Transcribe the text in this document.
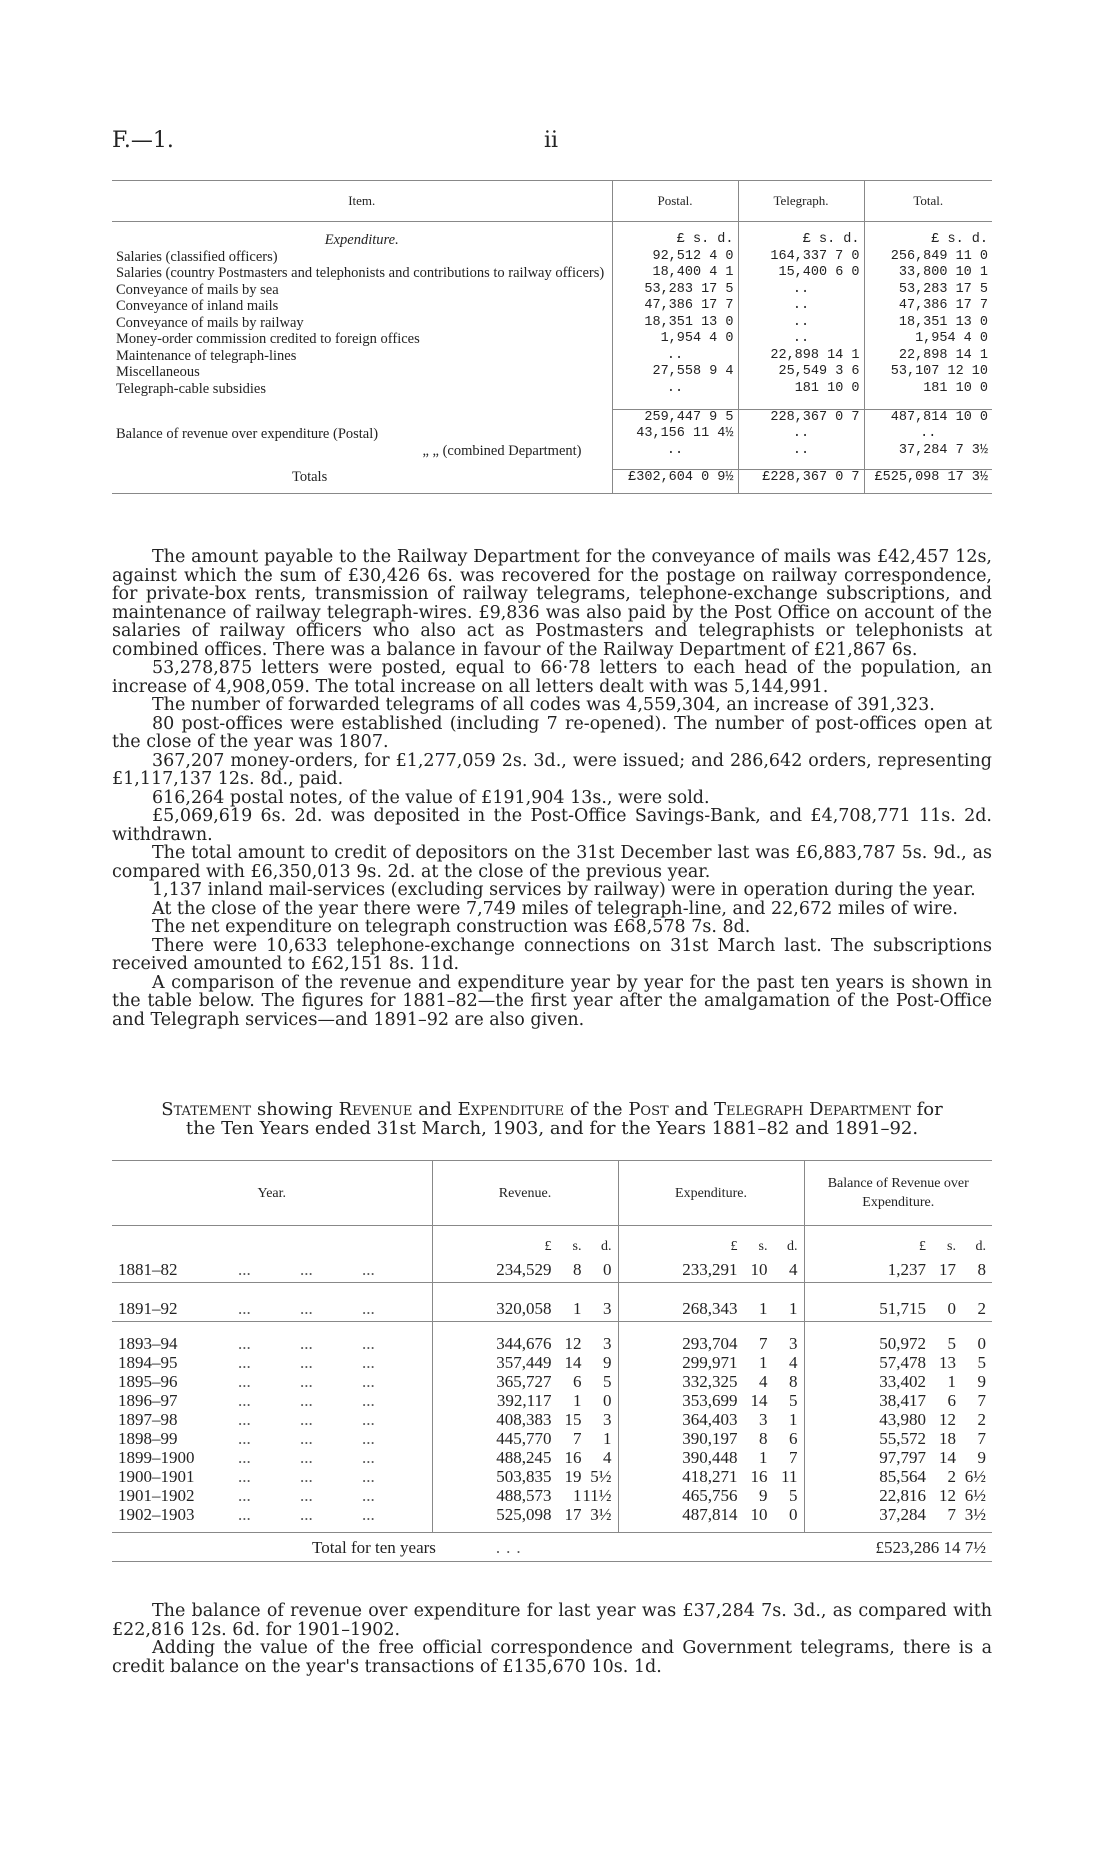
F.—1.	ii
Item.	Postal.	Telegraph.	Total.

Expenditure.	£ s. d.	£ s. d.	£ s. d.
Salaries (classified officers)	92,512 4 0	164,337 7 0	256,849 11 0
Salaries (country Postmasters and telephonists and contributions to railway officers)	18,400 4 1	15,400 6 0	33,800 10 1
Conveyance of mails by sea	53,283 17 5	..	53,283 17 5
Conveyance of inland mails	47,386 17 7	..	47,386 17 7
Conveyance of mails by railway	18,351 13 0	..	18,351 13 0
Money-order commission credited to foreign offices	1,954 4 0	..	1,954 4 0
Maintenance of telegraph-lines	..	22,898 14 1	22,898 14 1
Miscellaneous	27,558 9 4	25,549 3 6	53,107 12 10
Telegraph-cable subsidies	..	181 10 0	181 10 0

	259,447 9 5	228,367 0 7	487,814 10 0
Balance of revenue over expenditure (Postal)	43,156 11 4½	..	..
„ „ (combined Department)	..	..	37,284 7 3½

Totals	£302,604 0 9½	£228,367 0 7	£525,098 17 3½

The amount payable to the Railway Department for the conveyance of mails was £42,457 12s, against which the sum of £30,426 6s. was recovered for the postage on railway correspondence, for private-box rents, transmission of railway telegrams, telephone-exchange subscriptions, and maintenance of railway telegraph-wires. £9,836 was also paid by the Post Office on account of the salaries of railway officers who also act as Postmasters and telegraphists or telephonists at combined offices. There was a balance in favour of the Railway Department of £21,867 6s.

53,278,875 letters were posted, equal to 66·78 letters to each head of the population, an increase of 4,908,059. The total increase on all letters dealt with was 5,144,991.

The number of forwarded telegrams of all codes was 4,559,304, an increase of 391,323.

80 post-offices were established (including 7 re-opened). The number of post-offices open at the close of the year was 1807.

367,207 money-orders, for £1,277,059 2s. 3d., were issued; and 286,642 orders, representing £1,117,137 12s. 8d., paid.

616,264 postal notes, of the value of £191,904 13s., were sold.

£5,069,619 6s. 2d. was deposited in the Post-Office Savings-Bank, and £4,708,771 11s. 2d. withdrawn.

The total amount to credit of depositors on the 31st December last was £6,883,787 5s. 9d., as compared with £6,350,013 9s. 2d. at the close of the previous year.

1,137 inland mail-services (excluding services by railway) were in operation during the year.

At the close of the year there were 7,749 miles of telegraph-line, and 22,672 miles of wire.

The net expenditure on telegraph construction was £68,578 7s. 8d.

There were 10,633 telephone-exchange connections on 31st March last. The subscriptions received amounted to £62,151 8s. 11d.

A comparison of the revenue and expenditure year by year for the past ten years is shown in the table below. The figures for 1881–82—the first year after the amalgamation of the Post-Office and Telegraph services—and 1891–92 are also given.

Statement showing Revenue and Expenditure of the Post and Telegraph Department for
the Ten Years ended 31st March, 1903, and for the Years 1881–82 and 1891–92.
Year.	Revenue.	Expenditure.	Balance of Revenue over Expenditure.

	£ s. d.	£ s. d.	£ s. d.

1881–82 ... ... ...	234,529 8 0	233,291 10 4	1,237 17 8

1891–92 ... ... ...	320,058 1 3	268,343 1 1	51,715 0 2

1893–94 ... ... ...	344,676 12 3	293,704 7 3	50,972 5 0

1894–95 ... ... ...	357,449 14 9	299,971 1 4	57,478 13 5

1895–96 ... ... ...	365,727 6 5	332,325 4 8	33,402 1 9

1896–97 ... ... ...	392,117 1 0	353,699 14 5	38,417 6 7

1897–98 ... ... ...	408,383 15 3	364,403 3 1	43,980 12 2

1898–99 ... ... ...	445,770 7 1	390,197 8 6	55,572 18 7

1899–1900 ... ... ...	488,245 16 4	390,448 1 7	97,797 14 9

1900–1901 ... ... ...	503,835 19 5½	418,271 16 11	85,564 2 6½

1901–1902 ... ... ...	488,573 1 11½	465,756 9 5	22,816 12 6½

1902–1903 ... ... ...	525,098 17 3½	487,814 10 0	37,284 7 3½

Total for ten years ...			£523,286 14 7½

The balance of revenue over expenditure for last year was £37,284 7s. 3d., as compared with £22,816 12s. 6d. for 1901–1902.

Adding the value of the free official correspondence and Government telegrams, there is a credit balance on the year's transactions of £135,670 10s. 1d.
